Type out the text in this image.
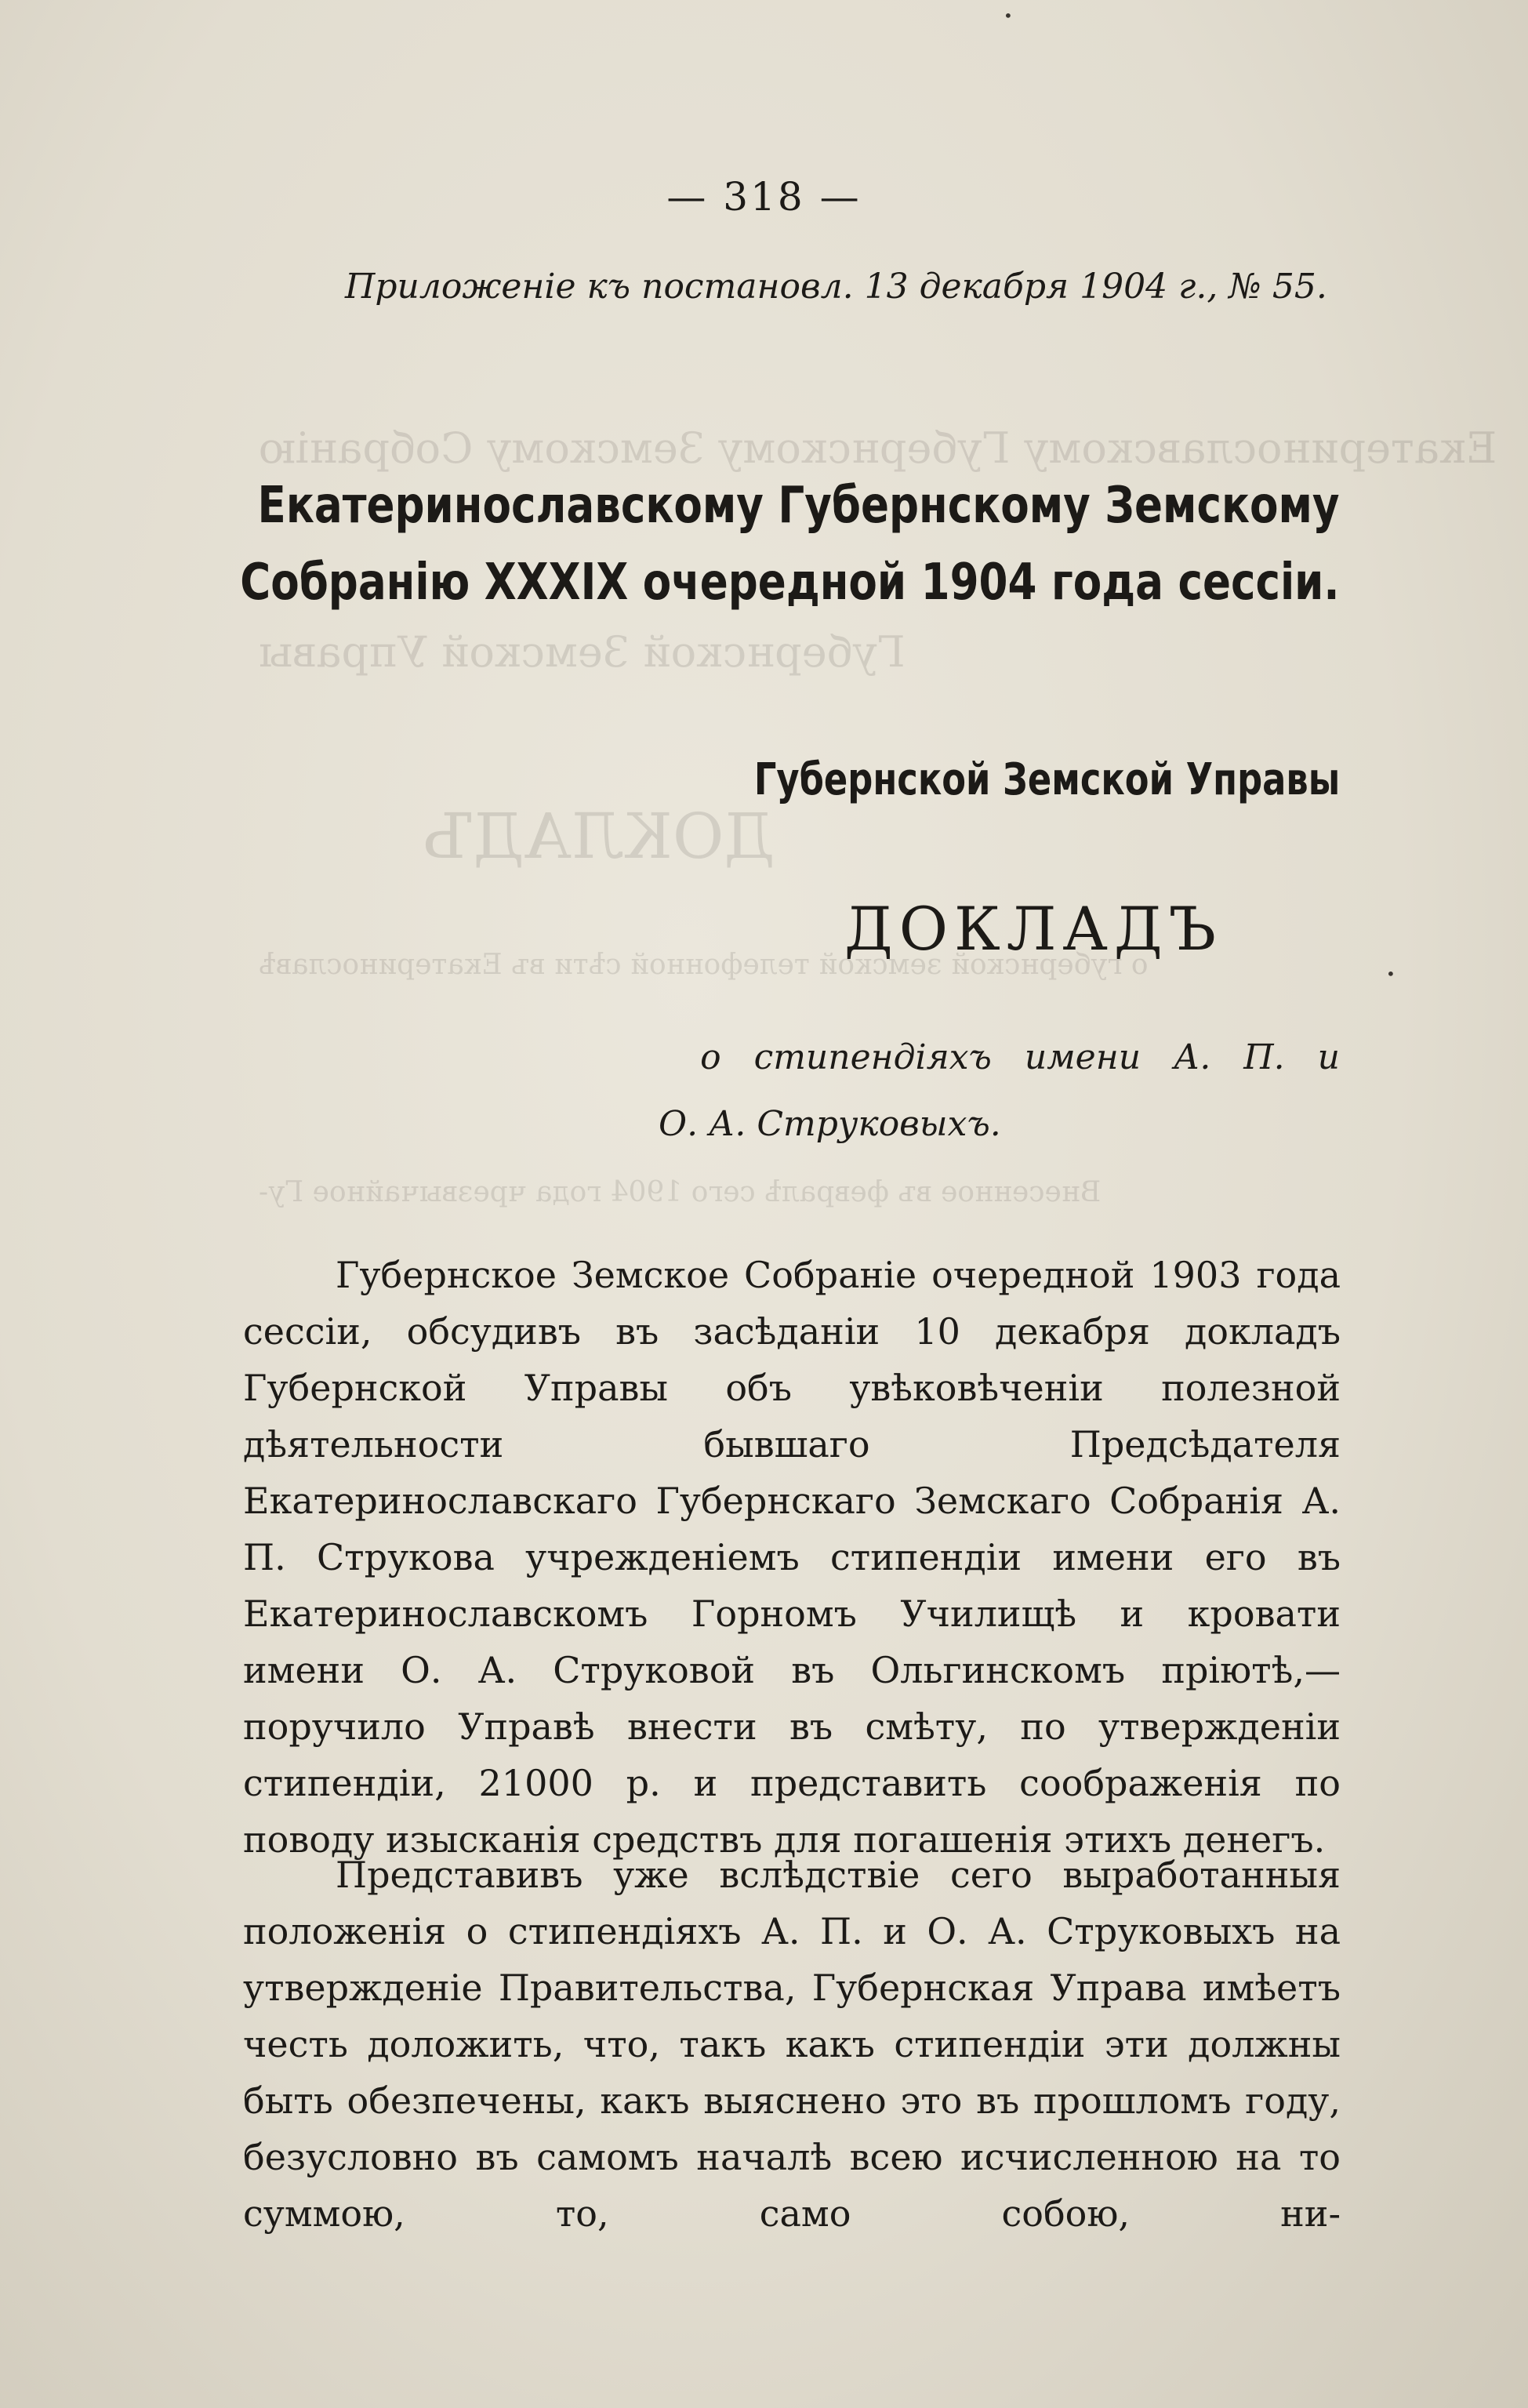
Екатеринославскому Губернскому Земскому Собранію
Губернской Земской Управы
ДОКЛАДЪ
о губернской земской телефонной сѣти въ Екатеринославѣ
Внесенное въ февралѣ сего 1904 года чрезвычайное Гу-
•
•
— 318 —
Приложеніе къ постановл. 13 декабря 1904 г., № 55.
Екатеринославскому Губернскому Земскому
Собранію XXXIX очередной 1904 года сессіи.
Губернской Земской Управы
ДОКЛАДЪ
о стипендіяхъ имени А. П. и
О. А. Струковыхъ.

Губернское Земское Собраніе очередной 1903 года сессіи, обсудивъ въ засѣданіи 10 декабря докладъ Губернской Управы объ увѣковѣченіи полезной дѣятельности бывшаго Предсѣдателя Екатеринославскаго Губернскаго Земскаго Собранія А. П. Струкова учрежденіемъ стипендіи имени его въ Екатеринославскомъ Горномъ Училищѣ и кровати имени О. А. Струковой въ Ольгинскомъ пріютѣ,— поручило Управѣ внести въ смѣту, по утвержденіи стипендіи, 21000 р. и представить соображенія по поводу изысканія средствъ для погашенія этихъ денегъ.

Представивъ уже вслѣдствіе сего выработанныя положенія о стипендіяхъ А. П. и О. А. Струковыхъ на утвержденіе Правительства, Губернская Управа имѣетъ честь доложить, что, такъ какъ стипендіи эти должны быть обезпечены, какъ выяснено это въ прошломъ году, безусловно въ самомъ началѣ всею исчисленною на то суммою, то, само собою, ни-
